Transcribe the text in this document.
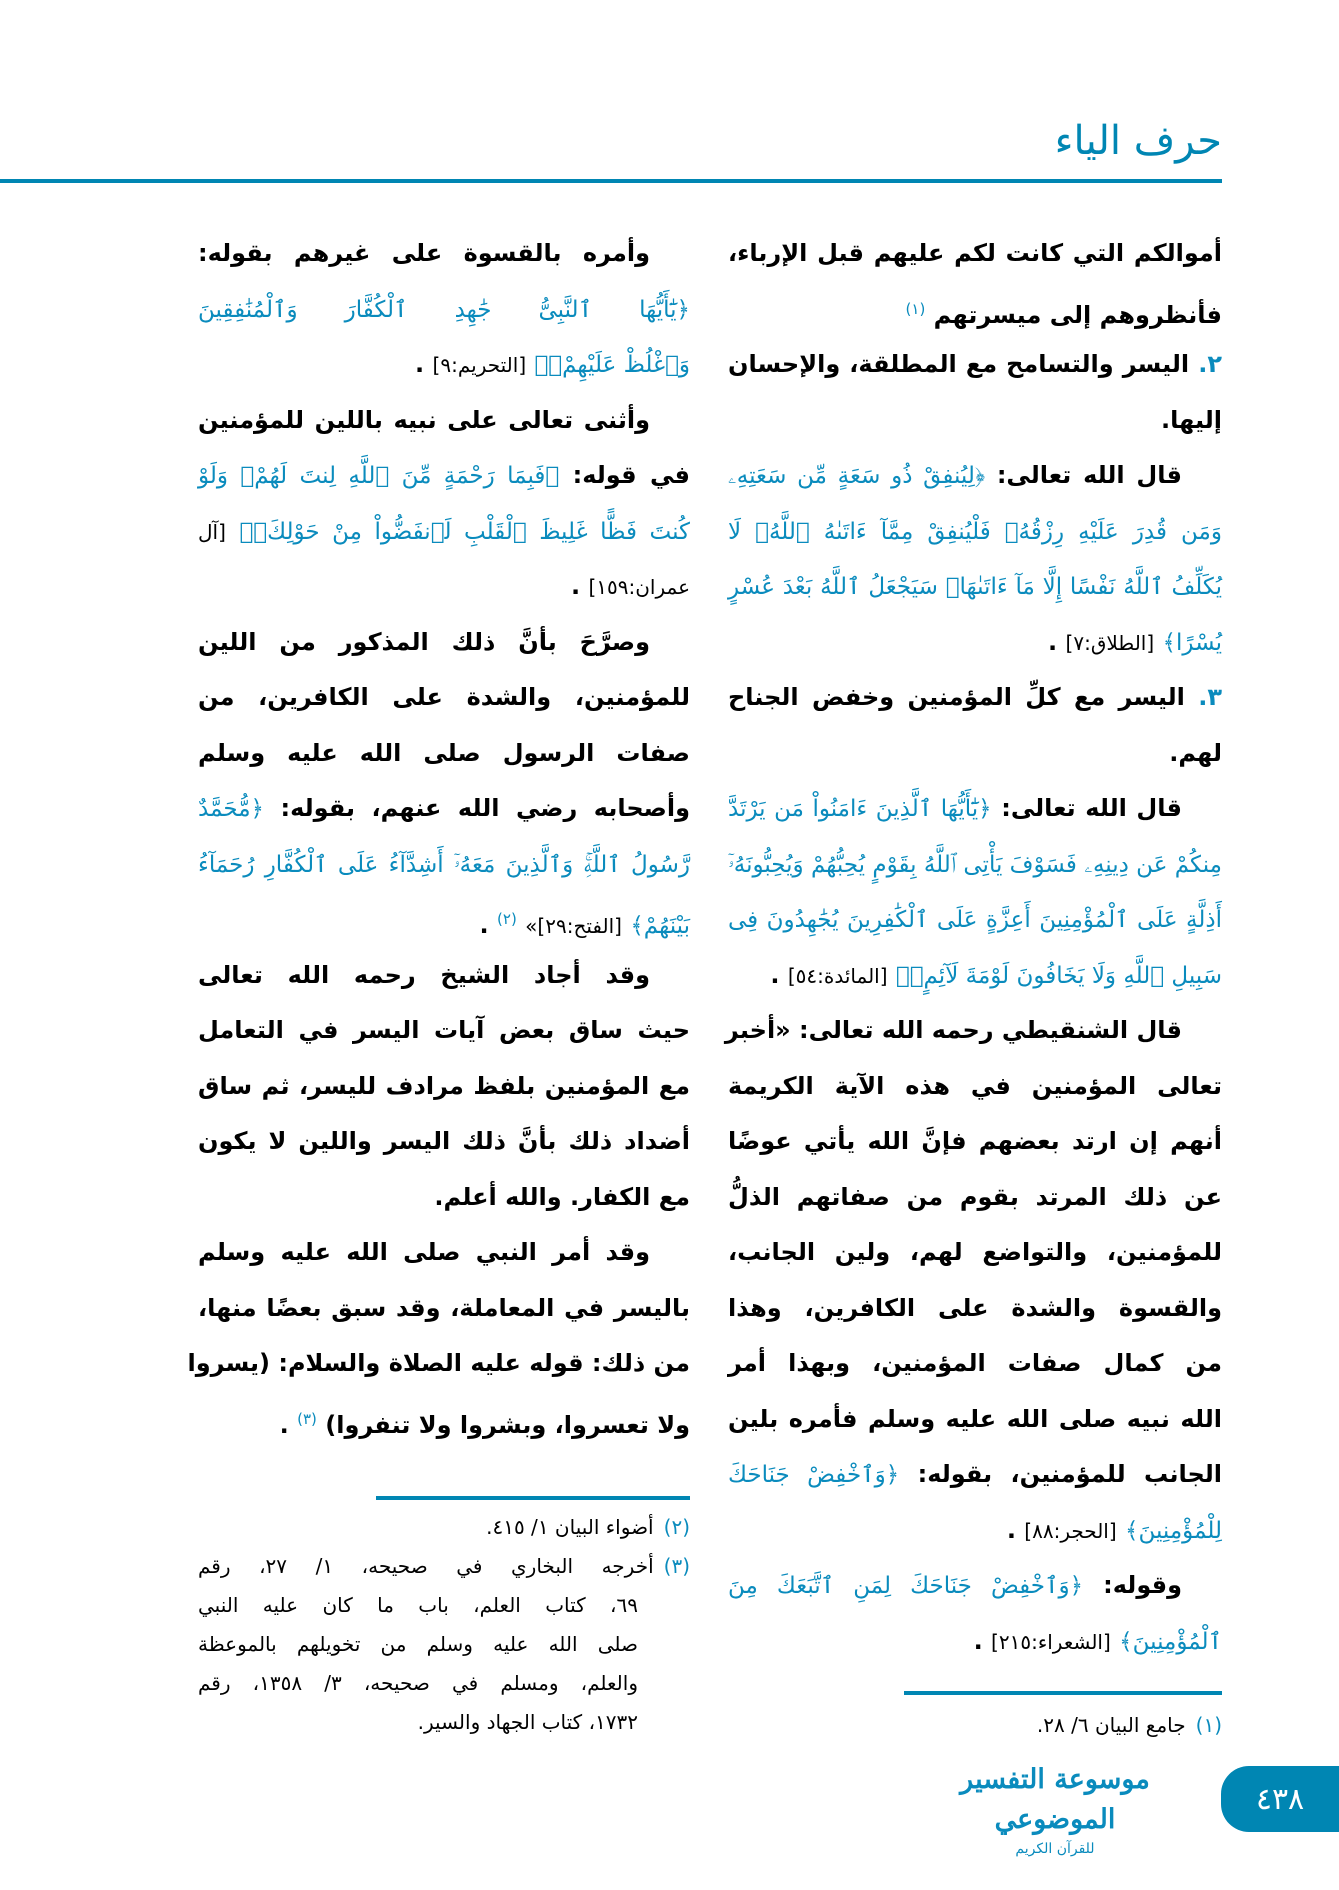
حرف الياء
أموالكم التي كانت لكم عليهم قبل الإرباء،
فأنظروهم إلى ميسرتهم $^{(١)}$
٢. اليسر والتسامح مع المطلقة، والإحسان
إليها.
قال الله تعالى: ﴿لِيُنفِقْ ذُو سَعَةٍ مِّن سَعَتِهِۦ
وَمَن قُدِرَ عَلَيْهِ رِزْقُهُۥ فَلْيُنفِقْ مِمَّآ ءَاتَىٰهُ ٱللَّهُۚ لَا
يُكَلِّفُ ٱللَّهُ نَفْسًا إِلَّا مَآ ءَاتَىٰهَاۚ سَيَجْعَلُ ٱللَّهُ بَعْدَ عُسْرٍ
يُسْرًا﴾ [الطلاق:٧] .
٣. اليسر مع كلِّ المؤمنين وخفض الجناح
لهم.
قال الله تعالى: ﴿يَٰٓأَيُّهَا ٱلَّذِينَ ءَامَنُواْ مَن يَرْتَدَّ
مِنكُمْ عَن دِينِهِۦ فَسَوْفَ يَأْتِى ٱللَّهُ بِقَوْمٍ يُحِبُّهُمْ وَيُحِبُّونَهُۥٓ
أَذِلَّةٍ عَلَى ٱلْمُؤْمِنِينَ أَعِزَّةٍ عَلَى ٱلْكَٰفِرِينَ يُجَٰهِدُونَ فِى
سَبِيلِ ٱللَّهِ وَلَا يَخَافُونَ لَوْمَةَ لَآئِمٍۚ﴾ [المائدة:٥٤] .
قال الشنقيطي رحمه الله تعالى: «أخبر
تعالى المؤمنين في هذه الآية الكريمة
أنهم إن ارتد بعضهم فإنَّ الله يأتي عوضًا
عن ذلك المرتد بقوم من صفاتهم الذلُّ
للمؤمنين، والتواضع لهم، ولين الجانب،
والقسوة والشدة على الكافرين، وهذا
من كمال صفات المؤمنين، وبهذا أمر
الله نبيه صلى الله عليه وسلم فأمره بلين
الجانب للمؤمنين، بقوله: ﴿وَٱخْفِضْ جَنَاحَكَ
لِلْمُؤْمِنِينَ﴾ [الحجر:٨٨] .
وقوله: ﴿وَٱخْفِضْ جَنَاحَكَ لِمَنِ ٱتَّبَعَكَ مِنَ
ٱلْمُؤْمِنِينَ﴾ [الشعراء:٢١٥] .
وأمره بالقسوة على غيرهم بقوله:
﴿يَٰٓأَيُّهَا ٱلنَّبِىُّ جَٰهِدِ ٱلْكُفَّارَ وَٱلْمُنَٰفِقِينَ
وَٱغْلُظْ عَلَيْهِمْۚ﴾ [التحريم:٩] .
وأثنى تعالى على نبيه باللين للمؤمنين
في قوله: ﴿فَبِمَا رَحْمَةٍ مِّنَ ٱللَّهِ لِنتَ لَهُمْۖ وَلَوْ
كُنتَ فَظًّا غَلِيظَ ٱلْقَلْبِ لَٱنفَضُّواْ مِنْ حَوْلِكَۖ﴾ [آل
عمران:١٥٩] .
وصرَّحَ بأنَّ ذلك المذكور من اللين
للمؤمنين، والشدة على الكافرين، من
صفات الرسول صلى الله عليه وسلم
وأصحابه رضي الله عنهم، بقوله: ﴿مُّحَمَّدٌ
رَّسُولُ ٱللَّهِۚ وَٱلَّذِينَ مَعَهُۥٓ أَشِدَّآءُ عَلَى ٱلْكُفَّارِ رُحَمَآءُ
بَيْنَهُمْ﴾ [الفتح:٢٩]» $^{(٢)}$ .
وقد أجاد الشيخ رحمه الله تعالى
حيث ساق بعض آيات اليسر في التعامل
مع المؤمنين بلفظ مرادف لليسر، ثم ساق
أضداد ذلك بأنَّ ذلك اليسر واللين لا يكون
مع الكفار. والله أعلم.
وقد أمر النبي صلى الله عليه وسلم
باليسر في المعاملة، وقد سبق بعضًا منها،
من ذلك: قوله عليه الصلاة والسلام: (يسروا
ولا تعسروا، وبشروا ولا تنفروا) $^{(٣)}$ .
(١)جامع البيان ٦/ ٢٨.
(٢)أضواء البيان ١/ ٤١٥.
(٣)أخرجه البخاري في صحيحه، ١/ ٢٧، رقم
٦٩، كتاب العلم، باب ما كان عليه النبي
صلى الله عليه وسلم من تخويلهم بالموعظة
والعلم، ومسلم في صحيحه، ٣/ ١٣٥٨، رقم
١٧٣٢، كتاب الجهاد والسير.
موسوعة التفسير الموضوعي
للقرآن الكريم
٤٣٨
